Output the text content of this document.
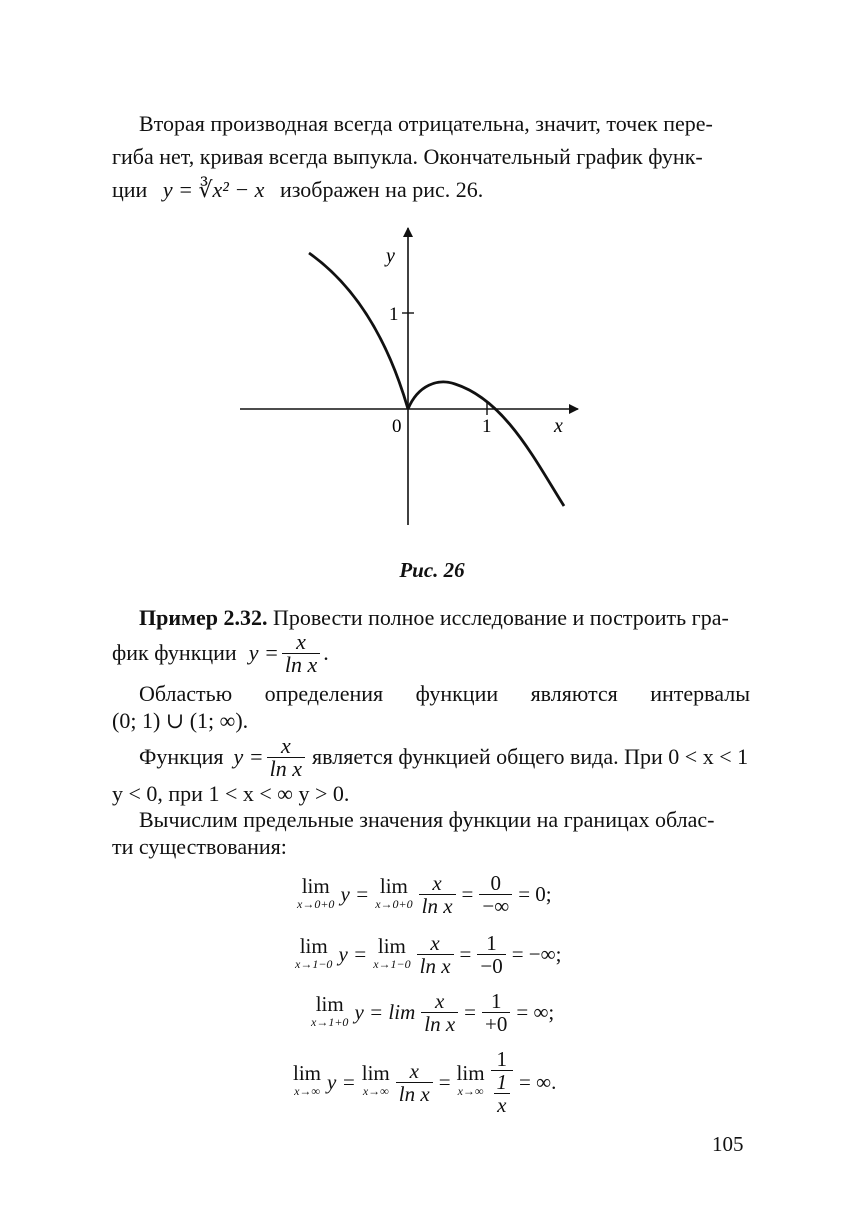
Вторая производная всегда отрицательна, значит, точек пере-
гиба нет, кривая всегда выпукла. Окончательный график функ-
ции y = ∛x² − x изображен на рис. 26.
y
1
0	1	x
Рис. 26
Пример 2.32. Провести полное исследование и построить гра-
фик функции $y = \frac{x}{\text{ln x}}$ .
Областью определения функции являются интервалы
(0; 1) ∪ (1; ∞).
Функция $y = \frac{x}{\text{ln x}}$ является функцией общего вида. При 0 < x < 1
y < 0, при 1 < x < ∞ y > 0.
Вычислим предельные значения функции на границах облас-
ти существования:
lim
x→0+0 y = lim
$x\to 0+0 \frac{x}{\text{ln x}} = \frac{0}{-\infty} = 0$;
lim
x→1−0 y = lim
$x\to 1-0 \frac{x}{\text{ln x}} = \frac{1}{-0}$ = −∞;
lim
x→1+0 $y = \lim \frac{x}{\text{ln x}} = \frac{1}{+0}$ = ∞;
lim
x→∞ y = lim
$x\to\infty \frac{x}{\text{ln x}} = \lim$
$x\to\infty \frac{1}{\frac{1}{x}}$ = ∞.
105
